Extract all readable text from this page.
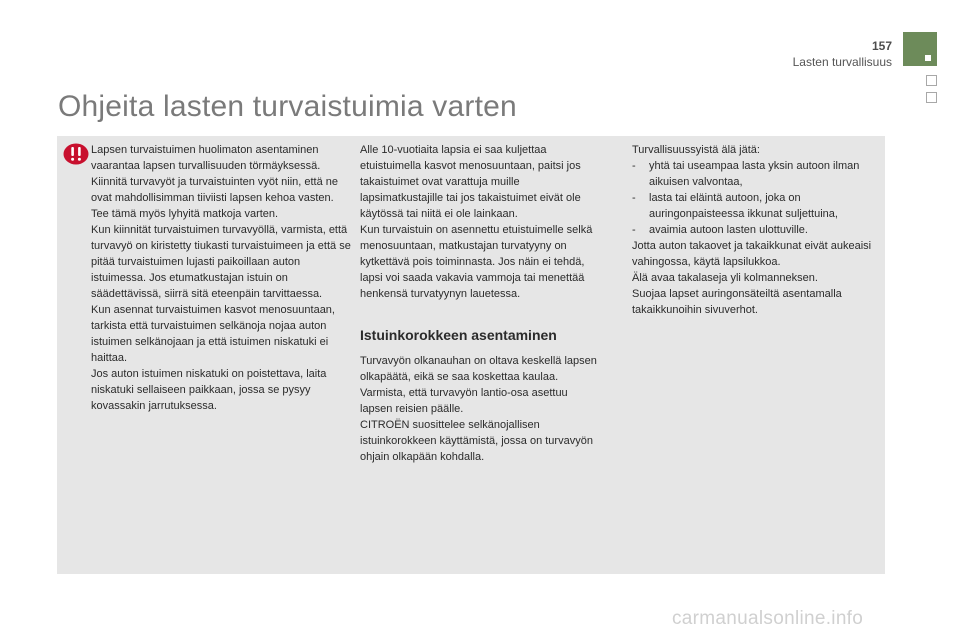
157
Lasten turvallisuus
Ohjeita lasten turvaistuimia varten

Lapsen turvaistuimen huolimaton asentaminen vaarantaa lapsen turvallisuuden törmäyksessä.

Kiinnitä turvavyöt ja turvaistuinten vyöt niin, että ne ovat mahdollisimman tiiviisti lapsen kehoa vasten. Tee tämä myös lyhyitä matkoja varten.

Kun kiinnität turvaistuimen turvavyöllä, varmista, että turvavyö on kiristetty tiukasti turvaistuimeen ja että se pitää turvaistuimen lujasti paikoillaan auton istuimessa. Jos etumatkustajan istuin on säädettävissä, siirrä sitä eteenpäin tarvittaessa.

Kun asennat turvaistuimen kasvot menosuuntaan, tarkista että turvaistuimen selkänoja nojaa auton istuimen selkänojaan ja että istuimen niskatuki ei haittaa.

Jos auton istuimen niskatuki on poistettava, laita niskatuki sellaiseen paikkaan, jossa se pysyy kovassakin jarrutuksessa.

Alle 10-vuotiaita lapsia ei saa kuljettaa etuistuimella kasvot menosuuntaan, paitsi jos takaistuimet ovat varattuja muille lapsimatkustajille tai jos takaistuimet eivät ole käytössä tai niitä ei ole lainkaan.

Kun turvaistuin on asennettu etuistuimelle selkä menosuuntaan, matkustajan turvatyyny on kytkettävä pois toiminnasta. Jos näin ei tehdä, lapsi voi saada vakavia vammoja tai menettää henkensä turvatyynyn lauetessa.

Istuinkorokkeen asentaminen

Turvavyön olkanauhan on oltava keskellä lapsen olkapäätä, eikä se saa koskettaa kaulaa.

Varmista, että turvavyön lantio-osa asettuu lapsen reisien päälle.

CITROËN suosittelee selkänojallisen istuinkorokkeen käyttämistä, jossa on turvavyön ohjain olkapään kohdalla.

Turvallisuussyistä älä jätä:

-	yhtä tai useampaa lasta yksin autoon ilman aikuisen valvontaa,
-	lasta tai eläintä autoon, joka on auringonpaisteessa ikkunat suljettuina,
-	avaimia autoon lasten ulottuville.

Jotta auton takaovet ja takaikkunat eivät aukeaisi vahingossa, käytä lapsilukkoa.

Älä avaa takalaseja yli kolmanneksen.

Suojaa lapset auringonsäteiltä asentamalla takaikkunoihin sivuverhot.

carmanualsonline.info
